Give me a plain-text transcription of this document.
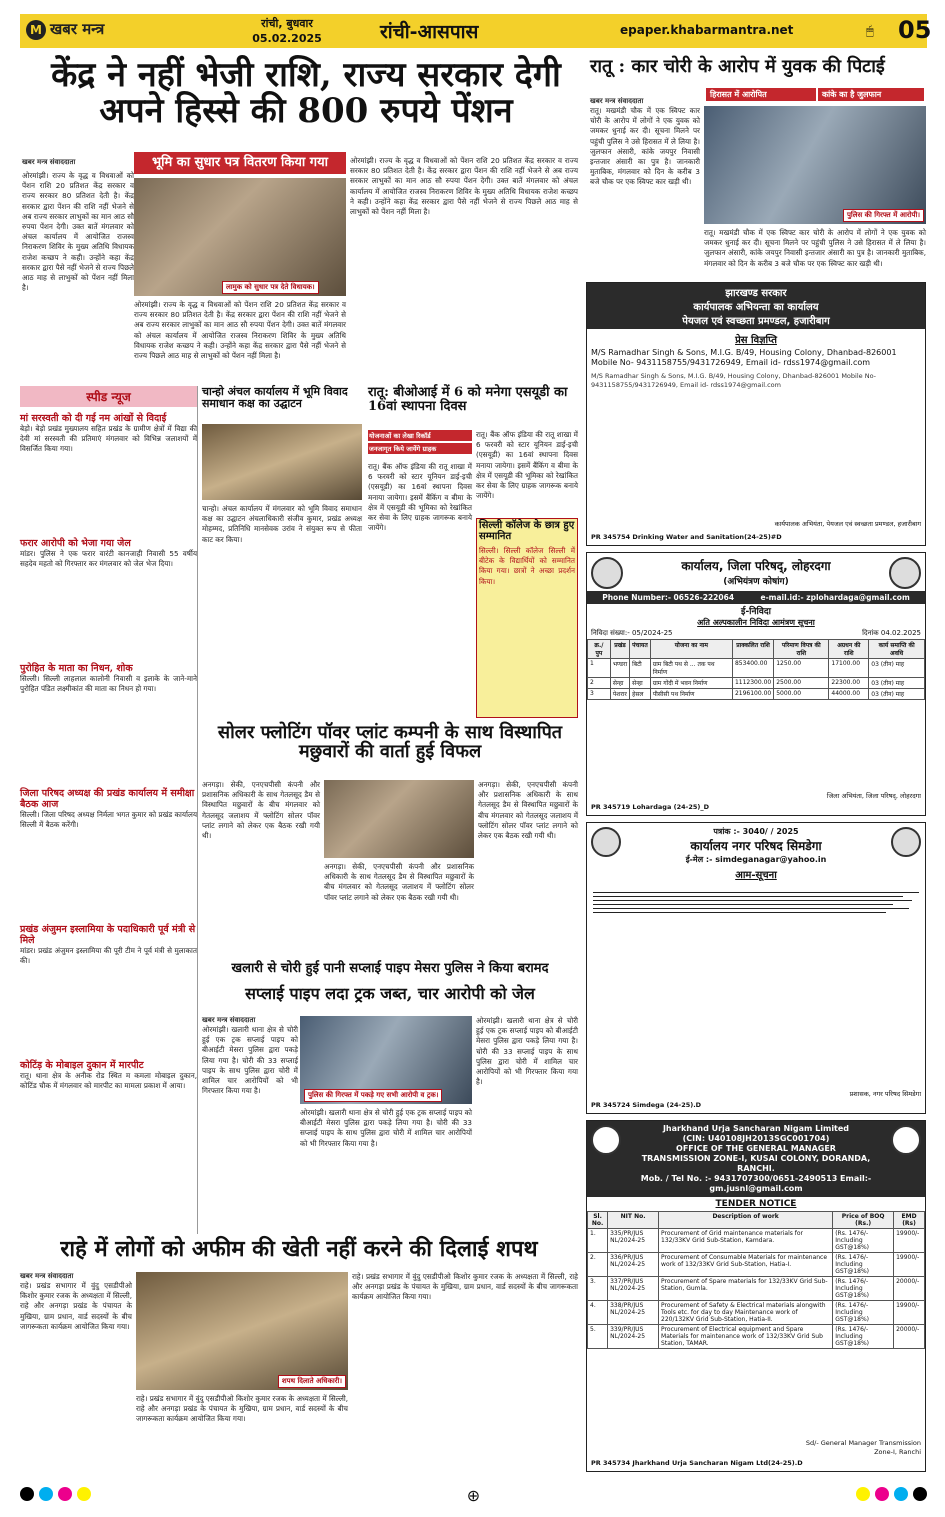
M खबर मन्त्र	रांची, बुधवार
05.02.2025	रांची-आसपास	epaper.khabarmantra.net	🖱 05
केंद्र ने नहीं भेजी राशि, राज्य सरकार देगी अपने हिस्से की 800 रुपये पेंशन
खबर मन्त्र संवाददाता
ओरमांझी। राज्य के वृद्ध व विधवाओं को पेंशन राशि 20 प्रतिशत केंद्र सरकार व राज्य सरकार 80 प्रतिशत देती है। केंद्र सरकार द्वारा पेंशन की राशि नहीं भेजने से अब राज्य सरकार लाभुकों का मान आठ सौ रुपया पेंशन देगी। उक्त बातें मंगलवार को अंचल कार्यालय में आयोजित राजस्व निराकरण शिविर के मुख्य अतिथि विधायक राजेश कच्छप ने कही। उन्होंने कहा केंद्र सरकार द्वारा पैसे नहीं भेजने से राज्य पिछले आठ माह से लाभुकों को पेंशन नहीं मिला है।
भूमि का सुधार पत्र वितरण किया गया
लामुक को सुधार पत्र देते विधायक।
ओरमांझी। राज्य के वृद्ध व विधवाओं को पेंशन राशि 20 प्रतिशत केंद्र सरकार व राज्य सरकार 80 प्रतिशत देती है। केंद्र सरकार द्वारा पेंशन की राशि नहीं भेजने से अब राज्य सरकार लाभुकों का मान आठ सौ रुपया पेंशन देगी। उक्त बातें मंगलवार को अंचल कार्यालय में आयोजित राजस्व निराकरण शिविर के मुख्य अतिथि विधायक राजेश कच्छप ने कही। उन्होंने कहा केंद्र सरकार द्वारा पैसे नहीं भेजने से राज्य पिछले आठ माह से लाभुकों को पेंशन नहीं मिला है।
ओरमांझी। राज्य के वृद्ध व विधवाओं को पेंशन राशि 20 प्रतिशत केंद्र सरकार व राज्य सरकार 80 प्रतिशत देती है। केंद्र सरकार द्वारा पेंशन की राशि नहीं भेजने से अब राज्य सरकार लाभुकों का मान आठ सौ रुपया पेंशन देगी। उक्त बातें मंगलवार को अंचल कार्यालय में आयोजित राजस्व निराकरण शिविर के मुख्य अतिथि विधायक राजेश कच्छप ने कही। उन्होंने कहा केंद्र सरकार द्वारा पैसे नहीं भेजने से राज्य पिछले आठ माह से लाभुकों को पेंशन नहीं मिला है।
रातू : कार चोरी के आरोप में युवक की पिटाई
खबर मन्त्र संवाददाता
हिरासत में आरोपित	कांके का है जुलफान
रातू। मखमंडी चौक में एक स्विफ्ट कार चोरी के आरोप में लोगों ने एक युवक को जमकर धुनाई कर दी। सूचना मिलने पर पहुंची पुलिस ने उसे हिरासत में ले लिया है। जुलफान अंसारी, कांके जयपुर निवासी इन्तजार अंसारी का पुत्र है। जानकारी मुताबिक, मंगलवार को दिन के करीब 3 बजे चौक पर एक स्विफ्ट कार खड़ी थी।
पुलिस की गिरफ्त में आरोपी।
रातू। मखमंडी चौक में एक स्विफ्ट कार चोरी के आरोप में लोगों ने एक युवक को जमकर धुनाई कर दी। सूचना मिलने पर पहुंची पुलिस ने उसे हिरासत में ले लिया है। जुलफान अंसारी, कांके जयपुर निवासी इन्तजार अंसारी का पुत्र है। जानकारी मुताबिक, मंगलवार को दिन के करीब 3 बजे चौक पर एक स्विफ्ट कार खड़ी थी।
झारखण्ड सरकार
कार्यपालक अभियन्ता का कार्यालय
पेयजल एवं स्वच्छता प्रमण्डल, हजारीबाग
प्रेस विज्ञप्ति
M/S Ramadhar Singh & Sons, M.I.G. B/49, Housing Colony, Dhanbad-826001 Mobile No- 9431158755/9431726949, Email id- rdss1974@gmail.com
M/S Ramadhar Singh & Sons, M.I.G. B/49, Housing Colony, Dhanbad-826001 Mobile No- 9431158755/9431726949, Email id- rdss1974@gmail.com
कार्यपालक अभियंता, पेयजल एवं स्वच्छता प्रमण्डल, हजारीबाग
PR 345754 Drinking Water and Sanitation(24-25)#D
स्पीड न्यूज
मां सरस्वती को दी गई नम आंखों से विदाई
बेड़ो। बेड़ो प्रखंड मुख्यालय सहित प्रखंड के ग्रामीण क्षेत्रों में विद्या की देवी मां सरस्वती की प्रतिमाएं मंगलवार को विभिन्न जलाशयों में विसर्जित किया गया।
फरार आरोपी को भेजा गया जेल
मांडर। पुलिस ने एक फरार वारंटी कानजाही निवासी 55 वर्षीय सहदेव महतो को गिरफ्तार कर मंगलवार को जेल भेज दिया।
पुरोहित के माता का निधन, शोक
सिल्ली। सिल्ली लाहलाल कालोनी निवासी व इलाके के जाने-माने पुरोहित पंडित लक्ष्मीकांत की माता का निधन हो गया।
जिला परिषद अध्यक्ष की प्रखंड कार्यालय में समीक्षा बैठक आज
सिल्ली। जिला परिषद अध्यक्ष निर्मला भगत कुमार को प्रखंड कार्यालय सिल्ली में बैठक करेंगी।
प्रखंड अंजुमन इस्लामिया के पदाधिकारी पूर्व मंत्री से मिले
मांडर। प्रखंड अंजुमन इस्लामिया की पूरी टीम ने पूर्व मंत्री से मुलाकात की।
कोटिंड़ के मोबाइल दुकान में मारपीट
रातू। थाना क्षेत्र के अनीक रोड स्थित म कमला मोबाइल दुकान, कोटिंड चौक में मंगलवार को मारपीट का मामला प्रकाश में आया।
चान्हो अंचल कार्यालय में भूमि विवाद समाधान कक्ष का उद्घाटन
चान्हो। अंचल कार्यालय में मंगलवार को भूमि विवाद समाधान कक्ष का उद्घाटन अंचलाधिकारी संजीव कुमार, प्रखंड अध्यक्ष मोहम्मद, प्रतिनिधि मानसेवक उरांव ने संयुक्त रूप से फीता काट कर किया।
रातू: बीओआई में 6 को मनेगा एसयूडी का 16वां स्थापना दिवस
योजनाओं का लेखा रिकॉर्ड
जनजागृत किये जायेंगे ग्राहक
रातू। बैंक ऑफ इंडिया की रातू शाखा में 6 फरवरी को स्टार यूनियन डाई-इची (एसयूडी) का 16वां स्थापना दिवस मनाया जायेगा। इसमें बैंकिंग व बीमा के क्षेत्र में एसयूडी की भूमिका को रेखांकित कर सेवा के लिए ग्राहक जागरूक बनाये जायेंगे।
रातू। बैंक ऑफ इंडिया की रातू शाखा में 6 फरवरी को स्टार यूनियन डाई-इची (एसयूडी) का 16वां स्थापना दिवस मनाया जायेगा। इसमें बैंकिंग व बीमा के क्षेत्र में एसयूडी की भूमिका को रेखांकित कर सेवा के लिए ग्राहक जागरूक बनाये जायेंगे।
सिल्ली कॉलेज के छात्र हुए सम्मानित
सिल्ली। सिल्ली कॉलेज सिल्ली में बीटेक के विद्यार्थियों को सम्मानित किया गया। छात्रों ने अच्छा प्रदर्शन किया।
सोलर फ्लोटिंग पॉवर प्लांट कम्पनी के साथ विस्थापित मछुवारों की वार्ता हुई विफल
अनगड़ा। सेकी, एनएचपीसी कंपनी और प्रशासनिक अधिकारी के साथ गेतलसूद डैम से विस्थापित मछुवारों के बीच मंगलवार को गेतलसूद जलाशय में फ्लोटिंग सोलर पॉवर प्लांट लगाने को लेकर एक बैठक रखी गयी थी।
अनगड़ा। सेकी, एनएचपीसी कंपनी और प्रशासनिक अधिकारी के साथ गेतलसूद डैम से विस्थापित मछुवारों के बीच मंगलवार को गेतलसूद जलाशय में फ्लोटिंग सोलर पॉवर प्लांट लगाने को लेकर एक बैठक रखी गयी थी।
अनगड़ा। सेकी, एनएचपीसी कंपनी और प्रशासनिक अधिकारी के साथ गेतलसूद डैम से विस्थापित मछुवारों के बीच मंगलवार को गेतलसूद जलाशय में फ्लोटिंग सोलर पॉवर प्लांट लगाने को लेकर एक बैठक रखी गयी थी।
खलारी से चोरी हुई पानी सप्लाई पाइप मेसरा पुलिस ने किया बरामद
सप्लाई पाइप लदा ट्रक जब्त, चार आरोपी को जेल
खबर मन्त्र संवाददाता
ओरमांझी। खलारी थाना क्षेत्र से चोरी हुई एक ट्रक सप्लाई पाइप को बीआईटी मेसरा पुलिस द्वारा पकड़े लिया गया है। चोरी की 33 सप्लाई पाइप के साथ पुलिस द्वारा चोरी में शामिल चार आरोपियों को भी गिरफ्तार किया गया है।	पुलिस की गिरफ्त में पकड़े गए सभी आरोपी व ट्रक।
ओरमांझी। खलारी थाना क्षेत्र से चोरी हुई एक ट्रक सप्लाई पाइप को बीआईटी मेसरा पुलिस द्वारा पकड़े लिया गया है। चोरी की 33 सप्लाई पाइप के साथ पुलिस द्वारा चोरी में शामिल चार आरोपियों को भी गिरफ्तार किया गया है।
ओरमांझी। खलारी थाना क्षेत्र से चोरी हुई एक ट्रक सप्लाई पाइप को बीआईटी मेसरा पुलिस द्वारा पकड़े लिया गया है। चोरी की 33 सप्लाई पाइप के साथ पुलिस द्वारा चोरी में शामिल चार आरोपियों को भी गिरफ्तार किया गया है।
राहे में लोगों को अफीम की खेती नहीं करने की दिलाई शपथ
खबर मन्त्र संवाददाता
राहे। प्रखंड सभागार में वुंदु एसडीपीओ किशोर कुमार रजक के अध्यक्षता में सिल्ली, राहे और अनगड़ा प्रखंड के पंचायत के मुखिया, ग्राम प्रधान, वार्ड सदस्यों के बीच जागरूकता कार्यक्रम आयोजित किया गया।
शपथ दिलाते अधिकारी।
राहे। प्रखंड सभागार में वुंदु एसडीपीओ किशोर कुमार रजक के अध्यक्षता में सिल्ली, राहे और अनगड़ा प्रखंड के पंचायत के मुखिया, ग्राम प्रधान, वार्ड सदस्यों के बीच जागरूकता कार्यक्रम आयोजित किया गया।
राहे। प्रखंड सभागार में वुंदु एसडीपीओ किशोर कुमार रजक के अध्यक्षता में सिल्ली, राहे और अनगड़ा प्रखंड के पंचायत के मुखिया, ग्राम प्रधान, वार्ड सदस्यों के बीच जागरूकता कार्यक्रम आयोजित किया गया।
कार्यालय, जिला परिषद्, लोहरदगा
(अभियंत्रण कोषांग)
Phone Number:- 06526-222064	e-mail.id:- zplohardaga@gmail.com
ई-निविदा
अति अल्पकालीन निविदा आमंत्रण सूचना
निविदा संख्या:- 05/2024-25	दिनांक 04.02.2025
क्र./ पुप	प्रखंड	पंचायत	योजना का नाम	प्राक्कलित राशि	परिमाण विपत्र की राशि	अग्रधन की राशि	कार्य समाप्ति की अवधि
1	भण्डरा	बिटी	ग्राम बिटी पथ से ... तक पथ निर्माण	853400.00	1250.00	17100.00	03 (तीन) माह
2	सेन्हा	सेन्हा	ग्राम गोंदी में भवन निर्माण	1112300.00	2500.00	22300.00	03 (तीन) माह
3	पेशरार	हेसल	पीसीसी पथ निर्माण	2196100.00	5000.00	44000.00	03 (तीन) माह
जिला अभियंता, जिला परिषद्, लोहरदगा
PR 345719 Lohardaga (24-25)_D
पत्रांक :- 3040/ / 2025
कार्यालय नगर परिषद सिमडेगा
ई-मेल :- simdeganagar@yahoo.in
आम-सूचना
प्रशासक, नगर परिषद सिमडेगा
PR 345724 Simdega (24-25).D
Jharkhand Urja Sancharan Nigam Limited
(CIN: U40108JH2013SGC001704)
OFFICE OF THE GENERAL MANAGER
TRANSMISSION ZONE-I, KUSAI COLONY, DORANDA, RANCHI.
Mob. / Tel No. :- 9431707300/0651-2490513 Email:- gm.jusnl@gmail.com
TENDER NOTICE
Sl. No.	NIT No.	Description of work	Price of BOQ (Rs.)	EMD (Rs)
1.	335/PR/JUS NL/2024-25	Procurement of Grid maintenance materials for 132/33KV Grid Sub-Station, Kamdara.	(Rs. 1476/- Including GST@18%)	19900/-
2.	336/PR/JUS NL/2024-25	Procurement of Consumable Materials for maintenance work of 132/33KV Grid Sub-Station, Hatia-I.	(Rs. 1476/- Including GST@18%)	19900/-
3.	337/PR/JUS NL/2024-25	Procurement of Spare materials for 132/33KV Grid Sub-Station, Gumla.	(Rs. 1476/- Including GST@18%)	20000/-
4.	338/PR/JUS NL/2024-25	Procurement of Safety & Electrical materials alongwith Tools etc. for day to day Maintenance work of 220/132KV Grid Sub-Station, Hatia-II.	(Rs. 1476/- Including GST@18%)	19900/-
5.	339/PR/JUS NL/2024-25	Procurement of Electrical equipment and Spare Materials for maintenance work of 132/33KV Grid Sub Station, TAMAR.	(Rs. 1476/- Including GST@18%)	20000/-
Sd/- General Manager Transmission Zone-I, Ranchi
PR 345734 Jharkhand Urja Sancharan Nigam Ltd(24-25).D

⊕
